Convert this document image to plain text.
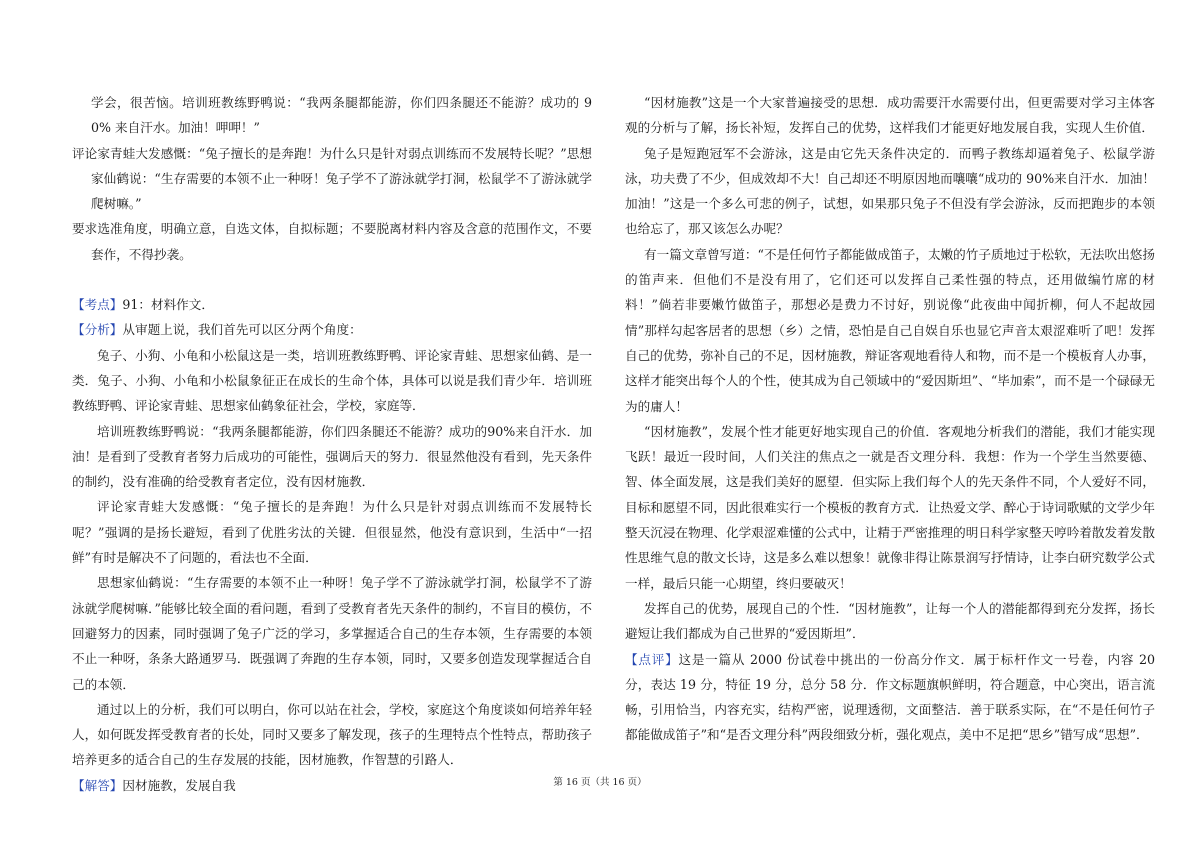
学会，很苦恼。培训班教练野鸭说：“我两条腿都能游，你们四条腿还不能游？成功的 90% 来自汗水。加油！呷呷！”

评论家青蛙大发感慨：“兔子擅长的是奔跑！为什么只是针对弱点训练而不发展特长呢？”思想家仙鹤说：“生存需要的本领不止一种呀！兔子学不了游泳就学打洞，松鼠学不了游泳就学爬树嘛。”

要求选准角度，明确立意，自选文体，自拟标题；不要脱离材料内容及含意的范围作文，不要套作，不得抄袭。

【考点】91：材料作文．

【分析】从审题上说，我们首先可以区分两个角度：

兔子、小狗、小龟和小松鼠这是一类，培训班教练野鸭、评论家青蛙、思想家仙鹤、是一类．兔子、小狗、小龟和小松鼠象征正在成长的生命个体，具体可以说是我们青少年．培训班教练野鸭、评论家青蛙、思想家仙鹤象征社会，学校，家庭等．

培训班教练野鸭说：“我两条腿都能游，你们四条腿还不能游？成功的90%来自汗水．加油！是看到了受教育者努力后成功的可能性，强调后天的努力．很显然他没有看到，先天条件的制约，没有准确的给受教育者定位，没有因材施教．

评论家青蛙大发感慨：“兔子擅长的是奔跑！为什么只是针对弱点训练而不发展特长呢？”强调的是扬长避短，看到了优胜劣汰的关键．但很显然，他没有意识到，生活中“一招鲜”有时是解决不了问题的，看法也不全面．

思想家仙鹤说：“生存需要的本领不止一种呀！兔子学不了游泳就学打洞，松鼠学不了游泳就学爬树嘛．”能够比较全面的看问题，看到了受教育者先天条件的制约，不盲目的模仿，不回避努力的因素，同时强调了兔子广泛的学习，多掌握适合自己的生存本领，生存需要的本领不止一种呀，条条大路通罗马．既强调了奔跑的生存本领，同时，又要多创造发现掌握适合自己的本领．

通过以上的分析，我们可以明白，你可以站在社会，学校，家庭这个角度谈如何培养年轻人，如何既发挥受教育者的长处，同时又要多了解发现，孩子的生理特点个性特点，帮助孩子培养更多的适合自己的生存发展的技能，因材施教，作智慧的引路人．

【解答】因材施教，发展自我

“因材施教”这是一个大家普遍接受的思想．成功需要汗水需要付出，但更需要对学习主体客观的分析与了解，扬长补短，发挥自己的优势，这样我们才能更好地发展自我，实现人生价值．

兔子是短跑冠军不会游泳，这是由它先天条件决定的．而鸭子教练却逼着兔子、松鼠学游泳，功夫费了不少，但成效却不大！自己却还不明原因地而嚷嚷“成功的 90%来自汗水．加油！加油！”这是一个多么可悲的例子，试想，如果那只兔子不但没有学会游泳，反而把跑步的本领也给忘了，那又该怎么办呢？

有一篇文章曾写道：“不是任何竹子都能做成笛子，太嫩的竹子质地过于松软，无法吹出悠扬的笛声来．但他们不是没有用了，它们还可以发挥自己柔性强的特点，还用做编竹席的材料！”倘若非要嫩竹做笛子，那想必是费力不讨好，别说像“此夜曲中闻折柳，何人不起故园情”那样勾起客居者的思想（乡）之情，恐怕是自己自娱自乐也显它声音太艰涩难听了吧！发挥自己的优势，弥补自己的不足，因材施教，辩证客观地看待人和物，而不是一个模板育人办事，这样才能突出每个人的个性，使其成为自己领域中的“爱因斯坦”、“毕加索”，而不是一个碌碌无为的庸人！

“因材施教”，发展个性才能更好地实现自己的价值．客观地分析我们的潜能，我们才能实现飞跃！最近一段时间，人们关注的焦点之一就是否文理分科．我想：作为一个学生当然要德、智、体全面发展，这是我们美好的愿望．但实际上我们每个人的先天条件不同，个人爱好不同，目标和愿望不同，因此很难实行一个模板的教育方式．让热爱文学、醉心于诗词歌赋的文学少年整天沉浸在物理、化学艰涩难懂的公式中，让精于严密推理的明日科学家整天哼吟着散发着发散性思维气息的散文长诗，这是多么难以想象！就像非得让陈景润写抒情诗，让李白研究数学公式一样，最后只能一心期望，终归要破灭！

发挥自己的优势，展现自己的个性．“因材施教”，让每一个人的潜能都得到充分发挥，扬长避短让我们都成为自己世界的“爱因斯坦”．

【点评】这是一篇从 2000 份试卷中挑出的一份高分作文．属于标杆作文一号卷，内容 20 分，表达 19 分，特征 19 分，总分 58 分．作文标题旗帜鲜明，符合题意，中心突出，语言流畅，引用恰当，内容充实，结构严密，说理透彻，文面整洁．善于联系实际，在“不是任何竹子都能做成笛子”和“是否文理分科”两段细致分析，强化观点，美中不足把“思乡”错写成“思想”．

第 16 页（共 16 页）
